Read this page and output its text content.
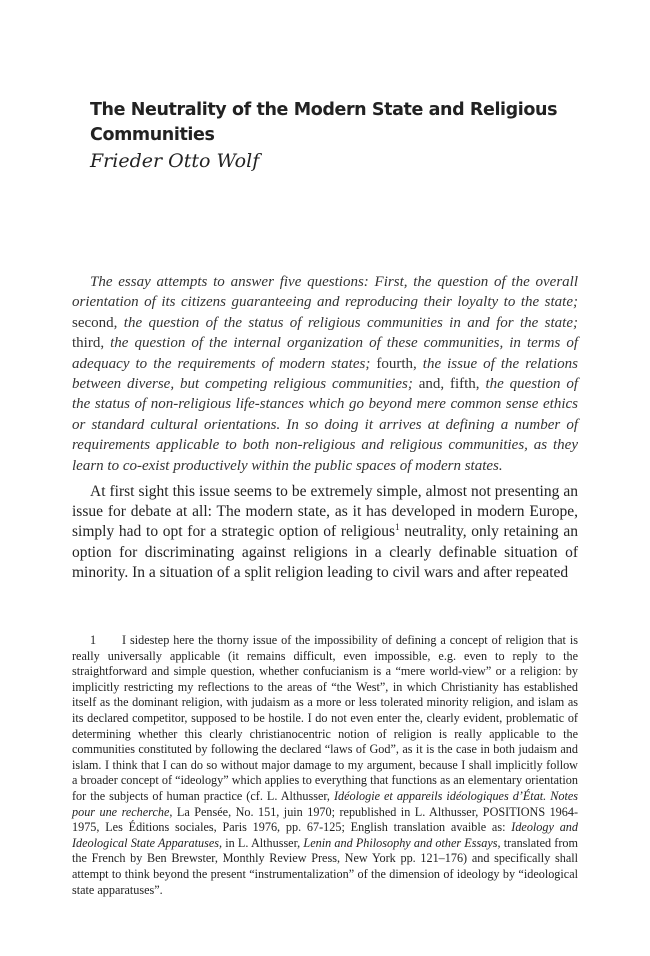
The Neutrality of the Modern State and Religious Communities

Frieder Otto Wolf

The essay attempts to answer five questions: First, the question of the overall orientation of its citizens guaranteeing and reproducing their loyalty to the state; second, the question of the status of religious communities in and for the state; third, the question of the internal organization of these communities, in terms of adequacy to the requirements of modern states; fourth, the issue of the relations between diverse, but competing religious communities; and, fifth, the question of the status of non-religious life-stances which go beyond mere common sense ethics or standard cultural orientations. In so doing it arrives at defining a number of requirements applicable to both non-religious and religious communities, as they learn to co-exist productively within the public spaces of modern states.

At first sight this issue seems to be extremely simple, almost not presenting an issue for debate at all: The modern state, as it has developed in modern Europe, simply had to opt for a strategic option of religious$^1$ neutrality, only retaining an option for discriminating against religions in a clearly definable situation of minority. In a situation of a split religion leading to civil wars and after repeated

1 I sidestep here the thorny issue of the impossibility of defining a concept of religion that is really universally applicable (it remains difficult, even impossible, e.g. even to reply to the straightforward and simple question, whether confucianism is a “mere world-view” or a religion: by implicitly restricting my reflections to the areas of “the West”, in which Christianity has established itself as the dominant religion, with judaism as a more or less tolerated minority religion, and islam as its declared competitor, supposed to be hostile. I do not even enter the, clearly evident, problematic of determining whether this clearly christianocentric notion of religion is really applicable to the communities constituted by following the declared “laws of God”, as it is the case in both judaism and islam. I think that I can do so without major damage to my argument, because I shall implicitly follow a broader concept of “ideology” which applies to everything that functions as an elementary orientation for the subjects of human practice (cf. L. Althusser, Idéologie et appareils idéologiques d’État. Notes pour une recherche, La Pensée, No. 151, juin 1970; republished in L. Althusser, POSITIONS 1964-1975, Les Éditions sociales, Paris 1976, pp. 67-125; English translation avaible as: Ideology and Ideological State Apparatuses, in L. Althusser, Lenin and Philosophy and other Essays, translated from the French by Ben Brewster, Monthly Review Press, New York pp. 121–176) and specifically shall attempt to think beyond the present “instrumentalization” of the dimension of ideology by “ideological state apparatuses”.
